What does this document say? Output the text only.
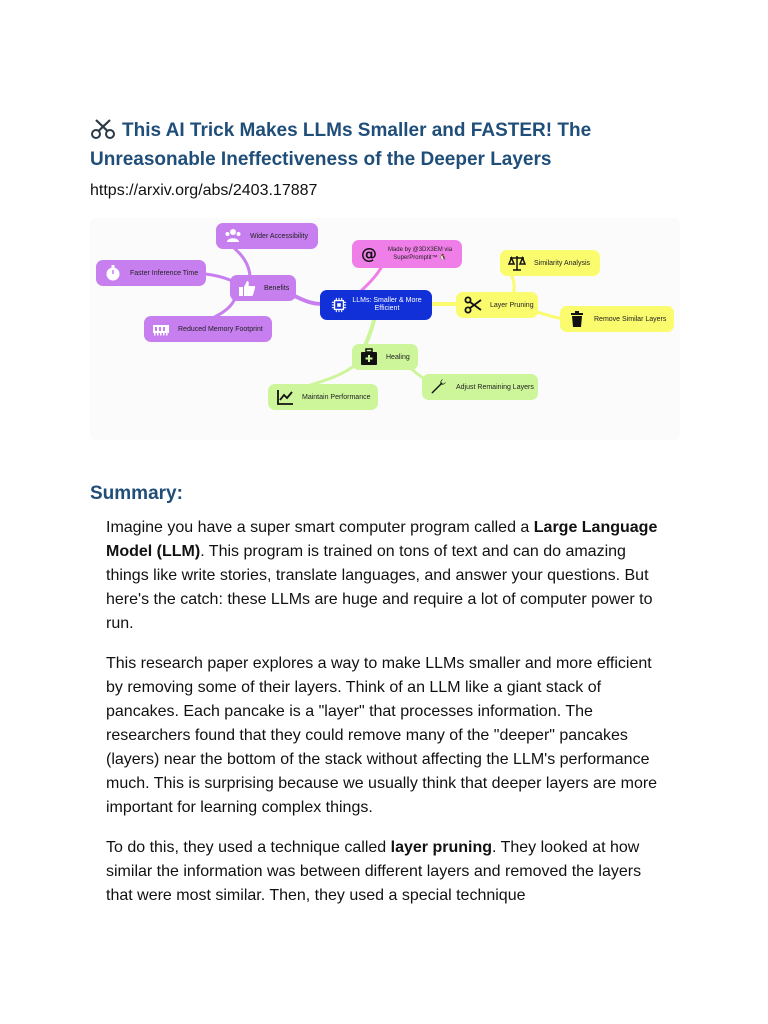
This AI Trick Makes LLMs Smaller and FASTER! The Unreasonable Ineffectiveness of the Deeper Layers

https://arxiv.org/abs/2403.17887

LLMs: Smaller & More Efficient
@	Made by @3DX3EM via SuperPromptit™ 🐧
Benefits
Wider Accessibility
Faster Inference Time
Reduced Memory Footprint
Layer Pruning
Similarity Analysis
Remove Similar Layers
Healing
Maintain Performance
Adjust Remaining Layers
Summary:

Imagine you have a super smart computer program called a Large Language Model (LLM). This program is trained on tons of text and can do amazing things like write stories, translate languages, and answer your questions. But here's the catch: these LLMs are huge and require a lot of computer power to run.

This research paper explores a way to make LLMs smaller and more efficient by removing some of their layers. Think of an LLM like a giant stack of pancakes. Each pancake is a "layer" that processes information. The researchers found that they could remove many of the "deeper" pancakes (layers) near the bottom of the stack without affecting the LLM's performance much. This is surprising because we usually think that deeper layers are more important for learning complex things.

To do this, they used a technique called layer pruning. They looked at how similar the information was between different layers and removed the layers that were most similar. Then, they used a special technique
